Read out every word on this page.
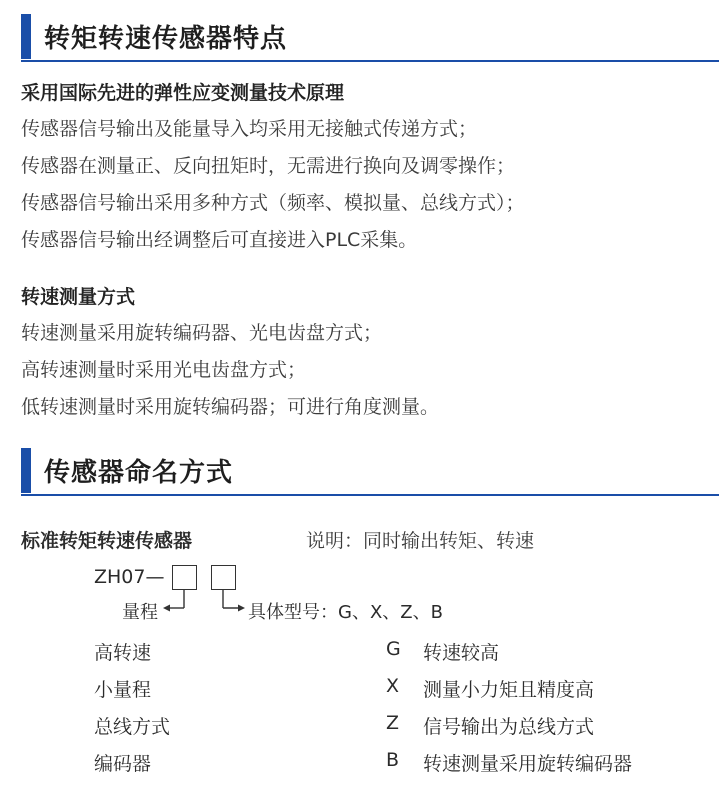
转矩转速传感器特点
采用国际先进的弹性应变测量技术原理
传感器信号输出及能量导入均采用无接触式传递方式；
传感器在测量正、反向扭矩时，无需进行换向及调零操作；
传感器信号输出采用多种方式（频率、模拟量、总线方式）；
传感器信号输出经调整后可直接进入PLC采集。
转速测量方式
转速测量采用旋转编码器、光电齿盘方式；
高转速测量时采用光电齿盘方式；
低转速测量时采用旋转编码器；可进行角度测量。
传感器命名方式
标准转矩转速传感器	说明：同时输出转矩、转速
ZH07—
量程	具体型号：G、X、Z、B
高转速
小量程
总线方式
编码器
G 转速较高
X 测量小力矩且精度高
Z 信号输出为总线方式
B 转速测量采用旋转编码器
